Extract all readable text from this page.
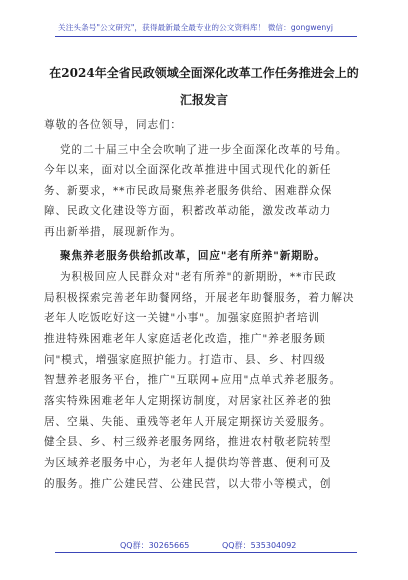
关注头条号"公文研究"，获得最新最全最专业的公文资料库！ 微信：gongwenyj
在2024年全省民政领域全面深化改革工作任务推进会上的
汇报发言
尊敬的各位领导，同志们：
党的二十届三中全会吹响了进一步全面深化改革的号角。
今年以来，面对以全面深化改革推进中国式现代化的新任
务、新要求，**市民政局聚焦养老服务供给、困难群众保
障、民政文化建设等方面，积蓄改革动能，激发改革动力
再出新举措，展现新作为。
聚焦养老服务供给抓改革，回应"老有所养"新期盼。
为积极回应人民群众对"老有所养"的新期盼，**市民政
局积极探索完善老年助餐网络，开展老年助餐服务，着力解决
老年人吃饭吃好这一关键"小事"。加强家庭照护者培训
推进特殊困难老年人家庭适老化改造，推广"养老服务顾
问"模式，增强家庭照护能力。打造市、县、乡、村四级
智慧养老服务平台，推广"互联网+应用"点单式养老服务。
落实特殊困难老年人定期探访制度，对居家社区养老的独
居、空巢、失能、重残等老年人开展定期探访关爱服务。
健全县、乡、村三级养老服务网络，推进农村敬老院转型
为区域养老服务中心，为老年人提供均等普惠、便利可及
的服务。推广公建民营、公建民营，以大带小等模式，创
QQ群：30265665	QQ群：535304092
